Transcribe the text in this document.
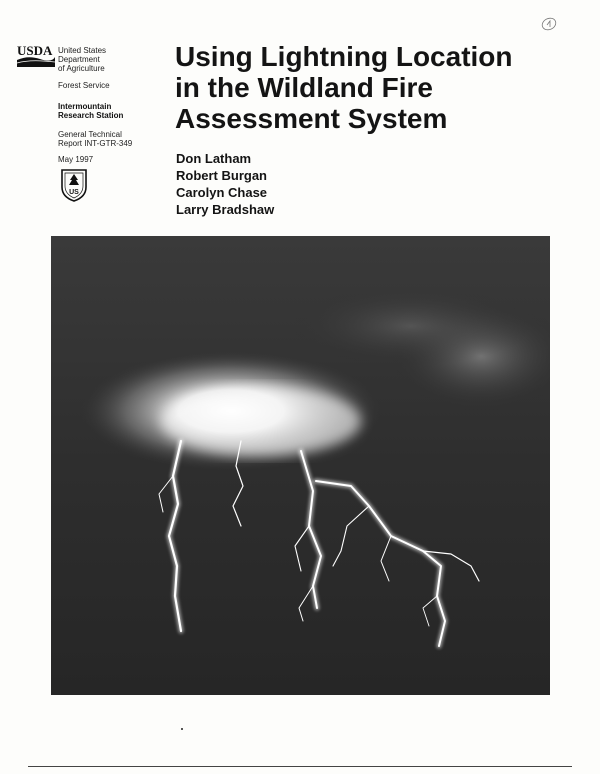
USDA United States
Department
of Agriculture
Forest Service
Intermountain
Research Station
General Technical
Report INT-GTR-349
May 1997
US
Using Lightning Location
in the Wildland Fire
Assessment System
Don Latham
Robert Burgan
Carolyn Chase
Larry Bradshaw
